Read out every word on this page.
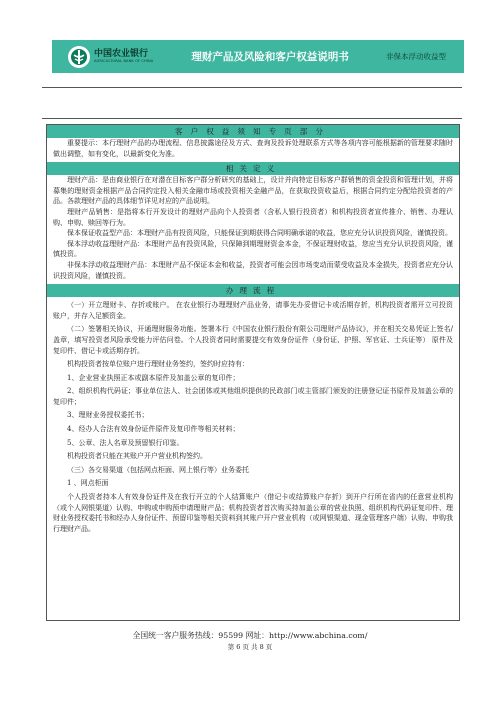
中国农业银行
AGRICULTURAL BANK OF CHINA	理财产品及风险和客户权益说明书	非保本浮动收益型
客户权益须知专页部分

重要提示：本行理财产品的办理流程、信息披露途径及方式、查询及投诉处理联系方式等各项内容可能根据新的管理要求随时做出调整，如有变化，以最新变化为准。

相关定义

理财产品：是由商业银行在对潜在目标客户群分析研究的基础上，设计并向特定目标客户群销售的资金投资和管理计划，并将募集的理财资金根据产品合同约定投入相关金融市场或投资相关金融产品，在获取投资收益后，根据合同约定分配给投资者的产品。各款理财产品的具体细节详见对应的产品说明。

理财产品销售：是指将本行开发设计的理财产品向个人投资者（含私人银行投资者）和机构投资者宣传推介、销售、办理认购、申购、赎回等行为。

保本保证收益型产品：本理财产品有投资风险，只能保证到期获得合同明确承诺的收益，您应充分认识投资风险，谨慎投资。

保本浮动收益理财产品：本理财产品有投资风险，只保障到期理财资金本金，不保证理财收益，您应当充分认识投资风险，谨慎投资。

非保本浮动收益理财产品：本理财产品不保证本金和收益，投资者可能会因市场变动而蒙受收益及本金损失，投资者应充分认识投资风险，谨慎投资。

办理流程

（一）开立理财卡、存折或账户。 在农业银行办理理财产品业务，请事先办妥借记卡或活期存折，机构投资者需开立可投资账户，并存入足额资金。

（二）签署相关协议，开通理财服务功能。签署本行《中国农业银行股份有限公司理财产品协议》，并在相关交易凭证上签名/盖章，填写投资者风险承受能力评估问卷。个人投资者同时需要提交有效身份证件（身份证、护照、军官证、士兵证等） 原件及复印件、借记卡或活期存折。

机构投资者按单位账户进行理财业务签约，签约时应持有：

1、企业营业执照正本或副本原件及加盖公章的复印件；

2、组织机构代码证；事业单位法人、社会团体或其他组织提供的民政部门或主管部门颁发的注册登记证书原件及加盖公章的复印件；

3、理财业务授权委托书；

4、经办人合法有效身份证件原件及复印件等相关材料；

5、公章、法人名章及预留银行印鉴。

机构投资者只能在其账户开户营业机构签约。

（三）各交易渠道（包括网点柜面、网上银行等）业务委托

1 、网点柜面

个人投资者持本人有效身份证件及在我行开立的个人结算账户（借记卡或结算账户存折）到开户行所在省内的任意营业机构（或个人网银渠道）认购、申购或申购预申请理财产品；机构投资者首次购买持加盖公章的营业执照、组织机构代码证复印件、理财业务授权委托书和经办人身份证件、预留印鉴等相关资料到其账户开户营业机构（或网银渠道、现金管理客户端）认购、申购我行理财产品。

全国统一客户服务热线：95599 网址：http://www.abchina.com/
第 6 页 共 8 页
